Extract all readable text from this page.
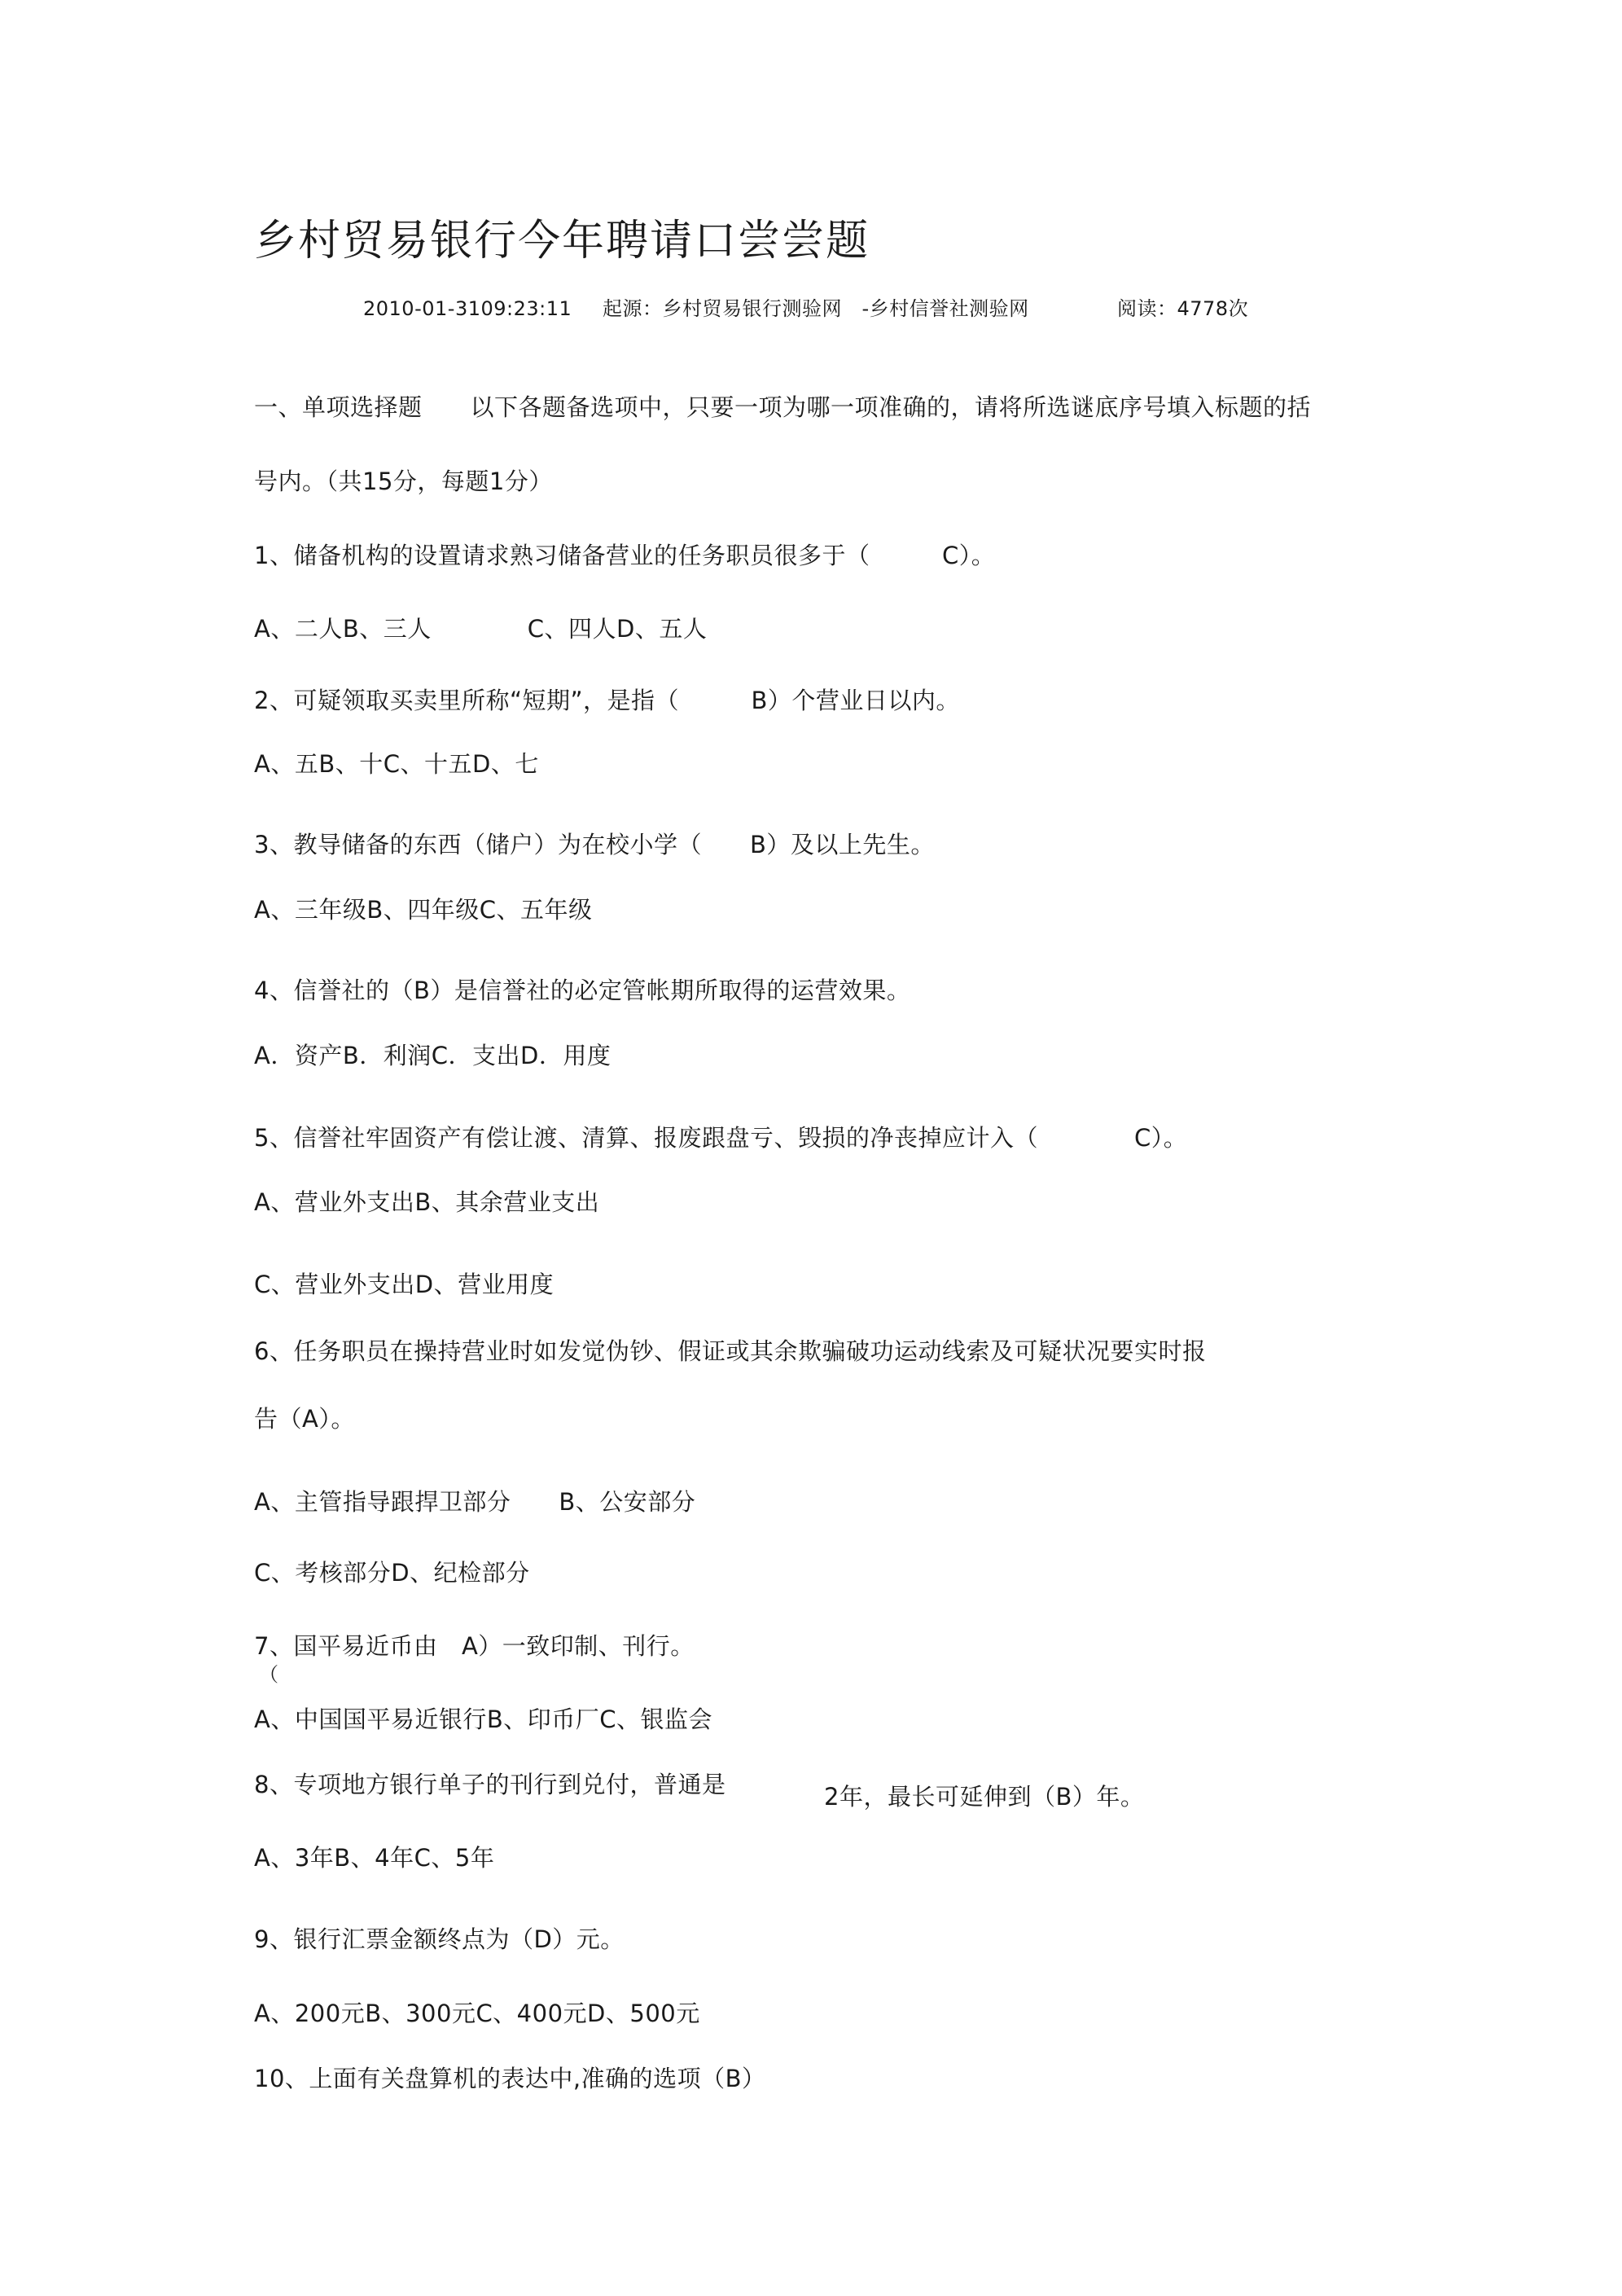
乡村贸易银行今年聘请口尝尝题
2010-01-3109:23:11 起源：乡村贸易银行测验网　-乡村信誉社测验网	阅读：4778次
一、单项选择题　　以下各题备选项中，只要一项为哪一项准确的，请将所选谜底序号填入标题的括
号内。（共15分，每题1分）
1、储备机构的设置请求熟习储备营业的任务职员很多于（　　　C）。
A、二人B、三人　　　　C、四人D、五人
2、可疑领取买卖里所称“短期”，是指（　　　B）个营业日以内。
A、五B、十C、十五D、七
3、教导储备的东西（储户）为在校小学（　　B）及以上先生。
A、三年级B、四年级C、五年级
4、信誉社的（B）是信誉社的必定管帐期所取得的运营效果。
A．资产B．利润C．支出D．用度
5、信誉社牢固资产有偿让渡、清算、报废跟盘亏、毁损的净丧掉应计入（　　　　C）。
A、营业外支出B、其余营业支出
C、营业外支出D、营业用度
6、任务职员在操持营业时如发觉伪钞、假证或其余欺骗破功运动线索及可疑状况要实时报
告（A）。
A、主管指导跟捍卫部分　　B、公安部分
C、考核部分D、纪检部分
7、国平易近币由　A）一致印制、刊行。
（
A、中国国平易近银行B、印币厂C、银监会
8、专项地方银行单子的刊行到兑付，普通是	2年，最长可延伸到（B）年。
A、3年B、4年C、5年
9、银行汇票金额终点为（D）元。
A、200元B、300元C、400元D、500元
10、上面有关盘算机的表达中,准确的选项（B）
